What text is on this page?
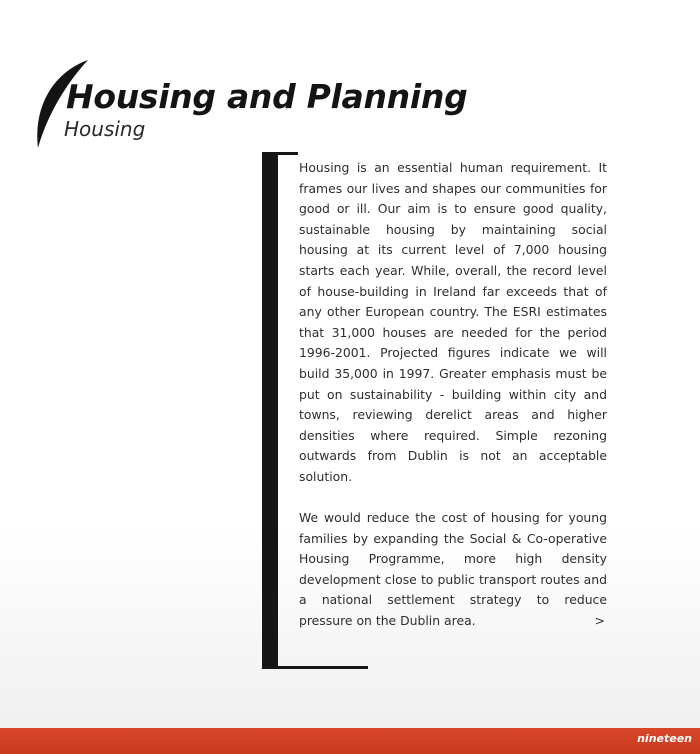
Housing and Planning
Housing

Housing is an essential human requirement. It frames our lives and shapes our communities for good or ill. Our aim is to ensure good quality, sustainable housing by maintaining social housing at its current level of 7,000 housing starts each year. While, overall, the record level of house-building in Ireland far exceeds that of any other European country. The ESRI estimates that 31,000 houses are needed for the period 1996-2001. Projected figures indicate we will build 35,000 in 1997. Greater emphasis must be put on sustainability - building within city and towns, reviewing derelict areas and higher densities where required. Simple rezoning outwards from Dublin is not an acceptable solution.

We would reduce the cost of housing for young families by expanding the Social & Co-operative Housing Programme, more high density development close to public transport routes and a national settlement strategy to reduce pressure on the Dublin area.	>

nineteen
